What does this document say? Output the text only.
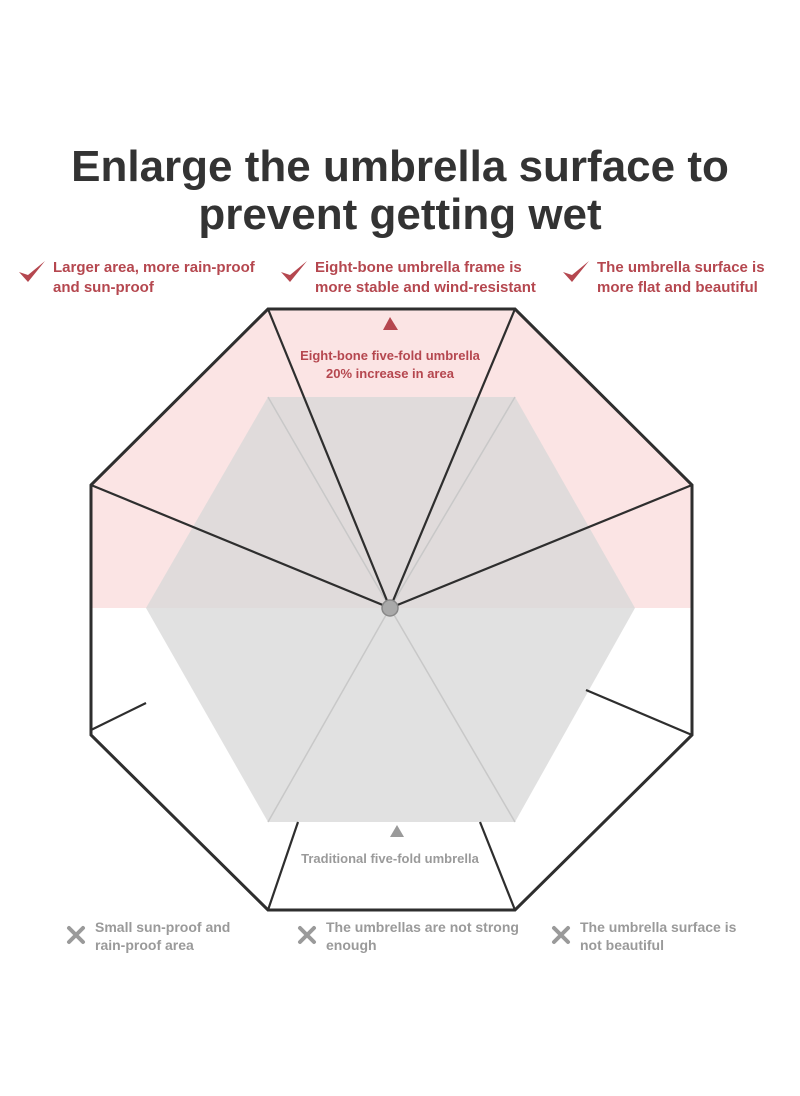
Enlarge the umbrella surface to
prevent getting wet
Larger area, more rain-proof
and sun-proof
Eight-bone umbrella frame is
more stable and wind-resistant
The umbrella surface is
more flat and beautiful
Eight-bone five-fold umbrella
20% increase in area
Traditional five-fold umbrella
Small sun-proof and
rain-proof area
The umbrellas are not strong
enough
The umbrella surface is
not beautiful
